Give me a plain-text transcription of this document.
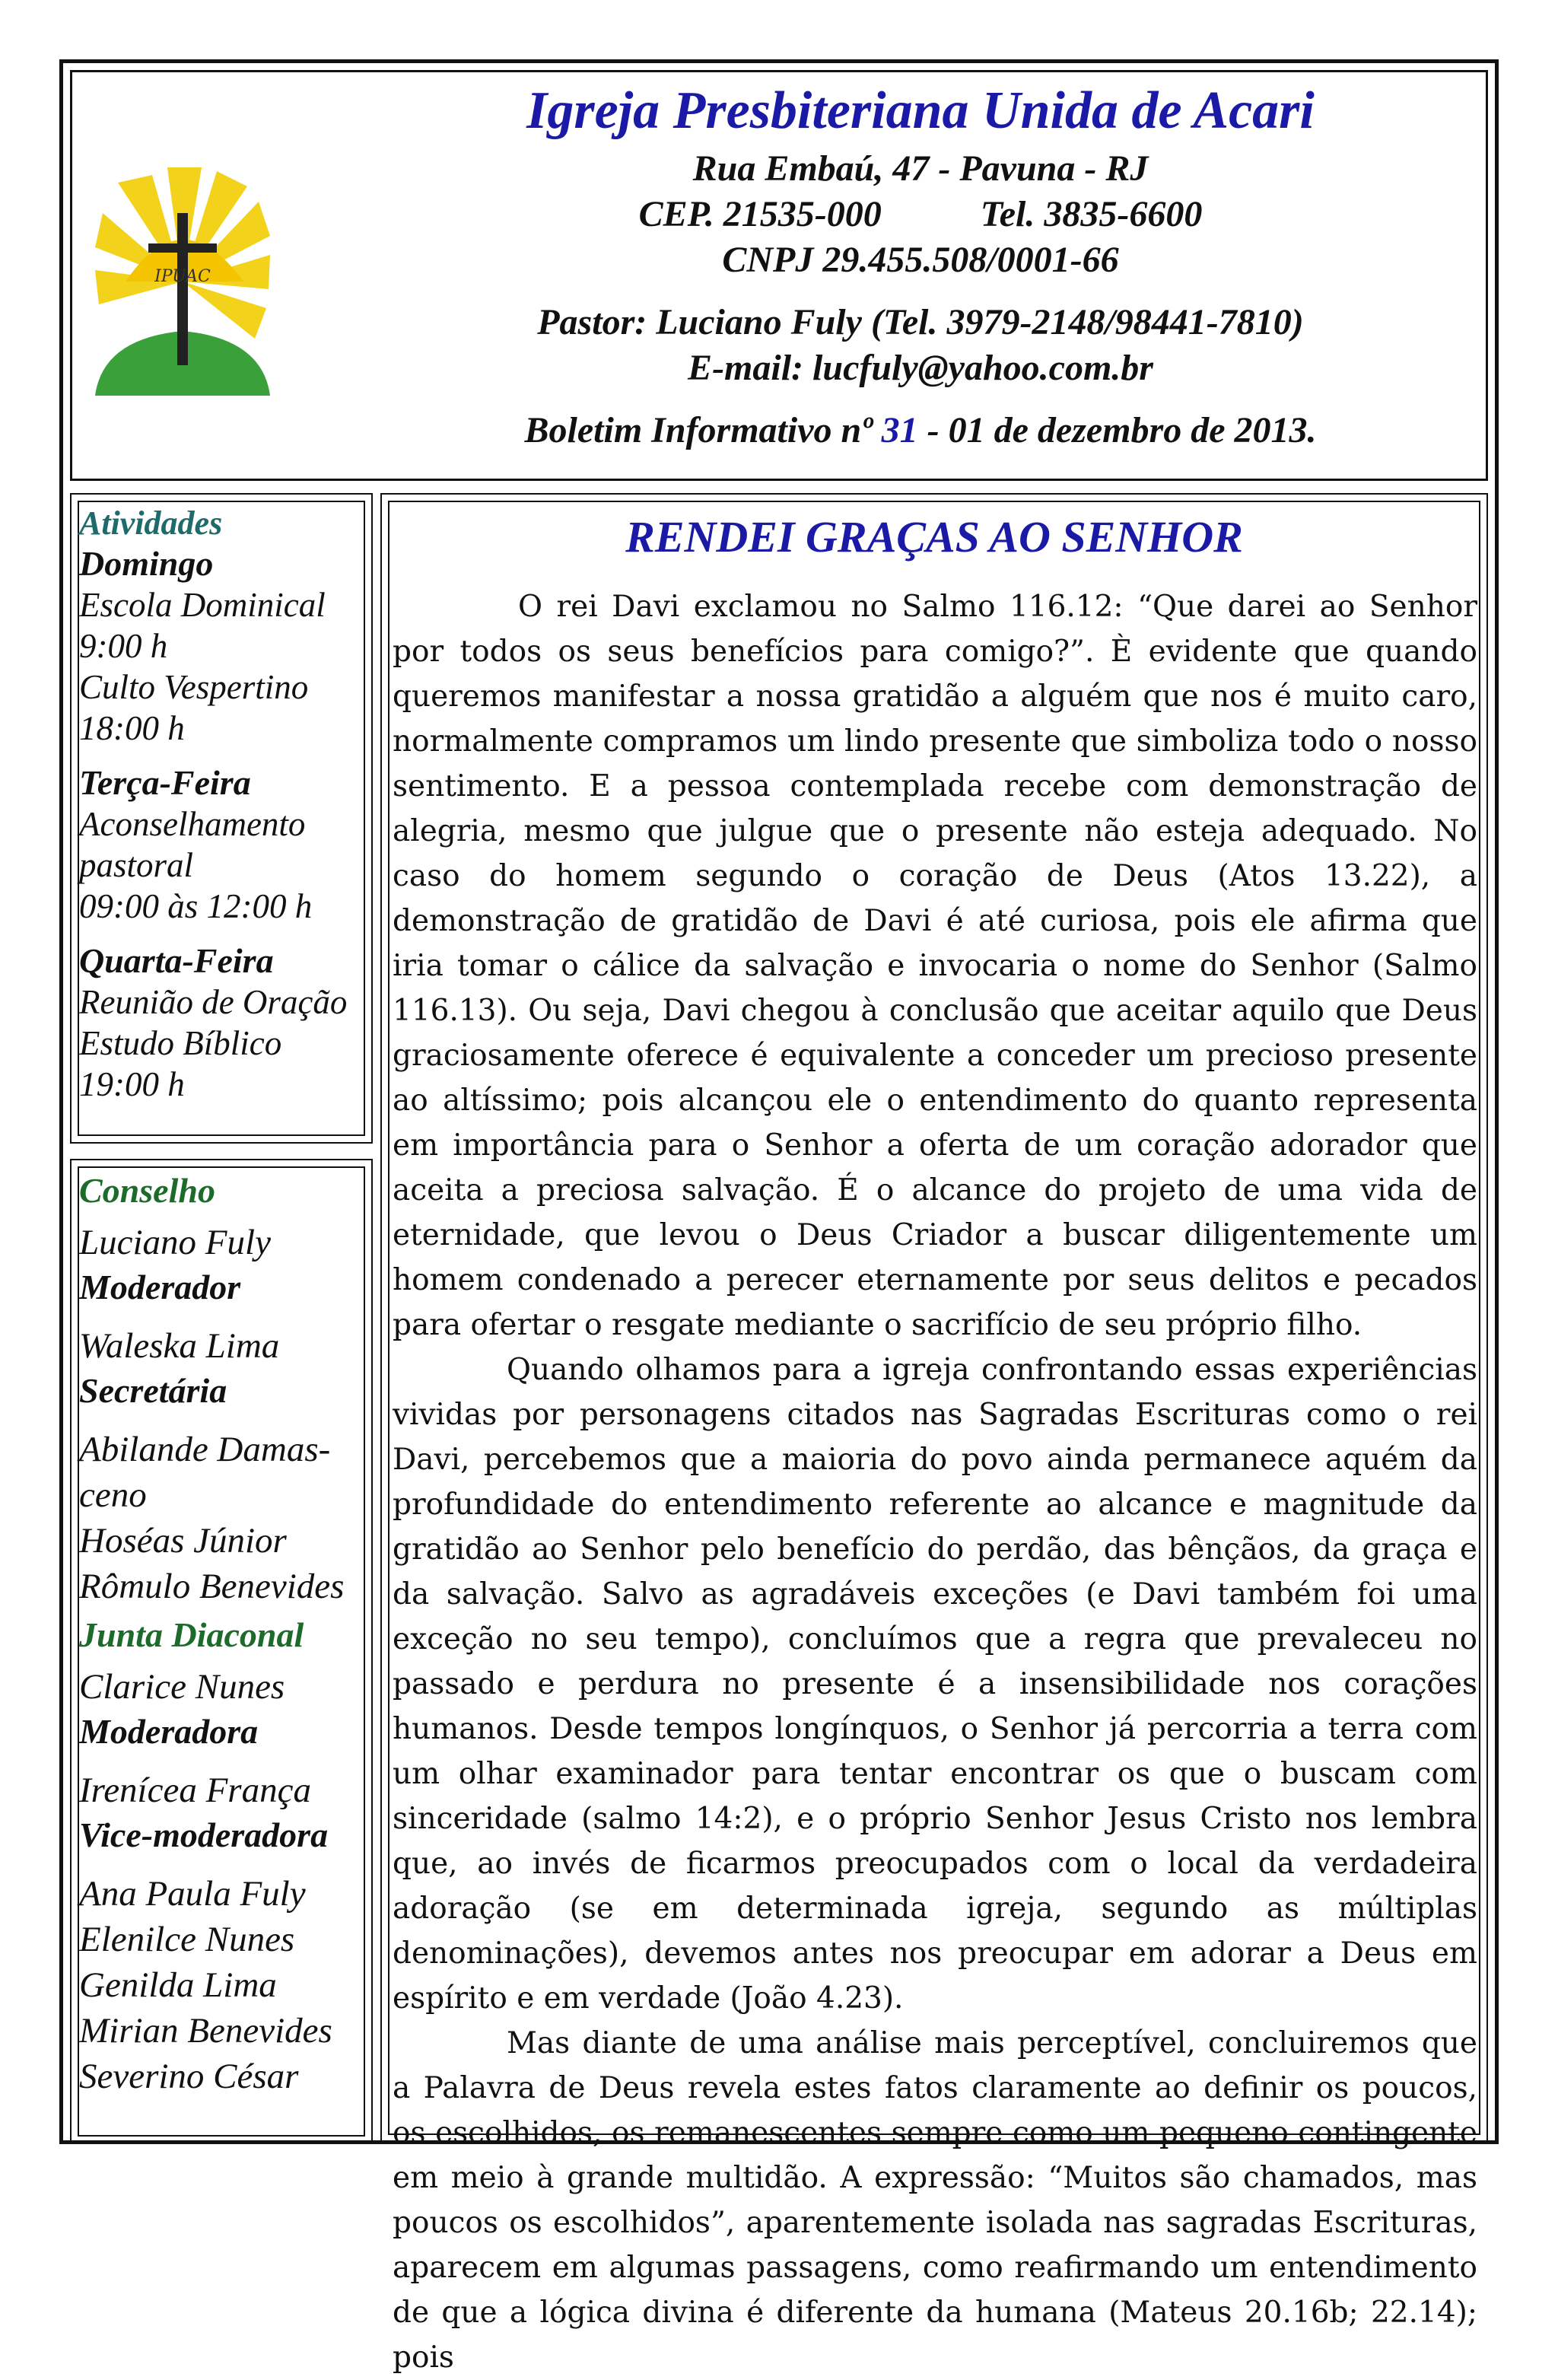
IPUAC
Igreja Presbiteriana Unida de Acari
Rua Embaú, 47 - Pavuna - RJ
CEP. 21535-000	Tel. 3835-6600
CNPJ 29.455.508/0001-66
Pastor: Luciano Fuly (Tel. 3979-2148/98441-7810)
E-mail: lucfuly@yahoo.com.br
Boletim Informativo nº 31 - 01 de dezembro de 2013.
Atividades
Domingo
Escola Dominical
9:00 h
Culto Vespertino
18:00 h
Terça-Feira
Aconselhamento
pastoral
09:00 às 12:00 h
Quarta-Feira
Reunião de Oração
Estudo Bíblico
19:00 h
Conselho
Luciano Fuly
Moderador
Waleska Lima
Secretária
Abilande Damas-
ceno
Hoséas Júnior
Rômulo Benevides
Junta Diaconal
Clarice Nunes
Moderadora
Irenícea França
Vice-moderadora
Ana Paula Fuly
Elenilce Nunes
Genilda Lima
Mirian Benevides
Severino César
RENDEI GRAÇAS AO SENHOR

O rei Davi exclamou no Salmo 116.12: “Que darei ao Senhor por todos os seus benefícios para comigo?”. È evidente que quando queremos manifestar a nossa gratidão a alguém que nos é muito caro, normalmente compramos um lindo presente que simboliza todo o nosso sentimento. E a pessoa contemplada recebe com demonstração de alegria, mesmo que julgue que o presente não esteja adequado. No caso do homem segundo o coração de Deus (Atos 13.22), a demonstração de gratidão de Davi é até curiosa, pois ele afirma que iria tomar o cálice da salvação e invocaria o nome do Senhor (Salmo 116.13). Ou seja, Davi chegou à conclusão que aceitar aquilo que Deus graciosamente oferece é equivalente a conceder um precioso presente ao altíssimo; pois alcançou ele o entendimento do quanto representa em importância para o Senhor a oferta de um coração adorador que aceita a preciosa salvação. É o alcance do projeto de uma vida de eternidade, que levou o Deus Criador a buscar diligentemente um homem condenado a perecer eternamente por seus delitos e pecados para ofertar o resgate mediante o sacrifício de seu próprio filho.

Quando olhamos para a igreja confrontando essas experiências vividas por personagens citados nas Sagradas Escrituras como o rei Davi, percebemos que a maioria do povo ainda permanece aquém da profundidade do entendimento referente ao alcance e magnitude da gratidão ao Senhor pelo benefício do perdão, das bênçãos, da graça e da salvação. Salvo as agradáveis exceções (e Davi também foi uma exceção no seu tempo), concluímos que a regra que prevaleceu no passado e perdura no presente é a insensibilidade nos corações humanos. Desde tempos longínquos, o Senhor já percorria a terra com um olhar examinador para tentar encontrar os que o buscam com sinceridade (salmo 14:2), e o próprio Senhor Jesus Cristo nos lembra que, ao invés de ficarmos preocupados com o local da verdadeira adoração (se em determinada igreja, segundo as múltiplas denominações), devemos antes nos preocupar em adorar a Deus em espírito e em verdade (João 4.23).

Mas diante de uma análise mais perceptível, concluiremos que a Palavra de Deus revela estes fatos claramente ao definir os poucos, os escolhidos, os remanescentes sempre como um pequeno contingente em meio à grande multidão. A expressão: “Muitos são chamados, mas poucos os escolhidos”, aparentemente isolada nas sagradas Escrituras, aparecem em algumas passagens, como reafirmando um entendimento de que a lógica divina é diferente da humana (Mateus 20.16b; 22.14); pois
